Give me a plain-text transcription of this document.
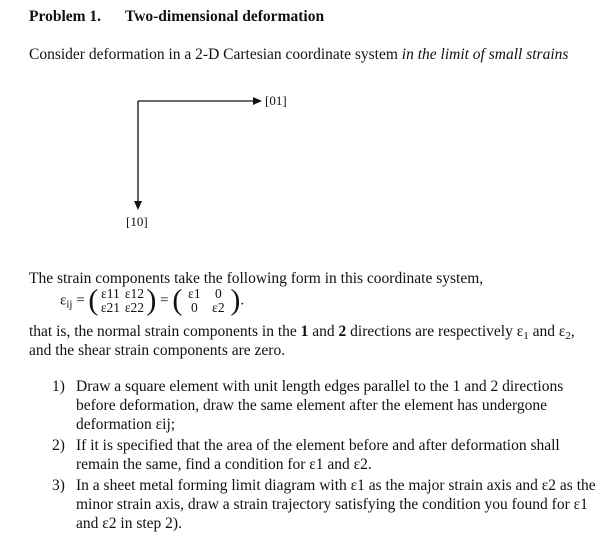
Problem 1. Two-dimensional deformation
Consider deformation in a 2-D Cartesian coordinate system in the limit of small strains
[01]
[10]
The strain components take the following form in this coordinate system,
$\varepsilon_{ij}$ = ( ε11 ε12
ε21 ε22) = ( ε1 0
0 ε2 ).
that is, the normal strain components in the 1 and 2 directions are respectively $\varepsilon_1$ and $\varepsilon_2$,
and the shear strain components are zero.
1) Draw a square element with unit length edges parallel to the 1 and 2 directions before deformation, draw the same element after the element has undergone deformation εij;
2) If it is specified that the area of the element before and after deformation shall remain the same, find a condition for ε1 and ε2.
3) In a sheet metal forming limit diagram with ε1 as the major strain axis and ε2 as the minor strain axis, draw a strain trajectory satisfying the condition you found for ε1 and ε2 in step 2).
